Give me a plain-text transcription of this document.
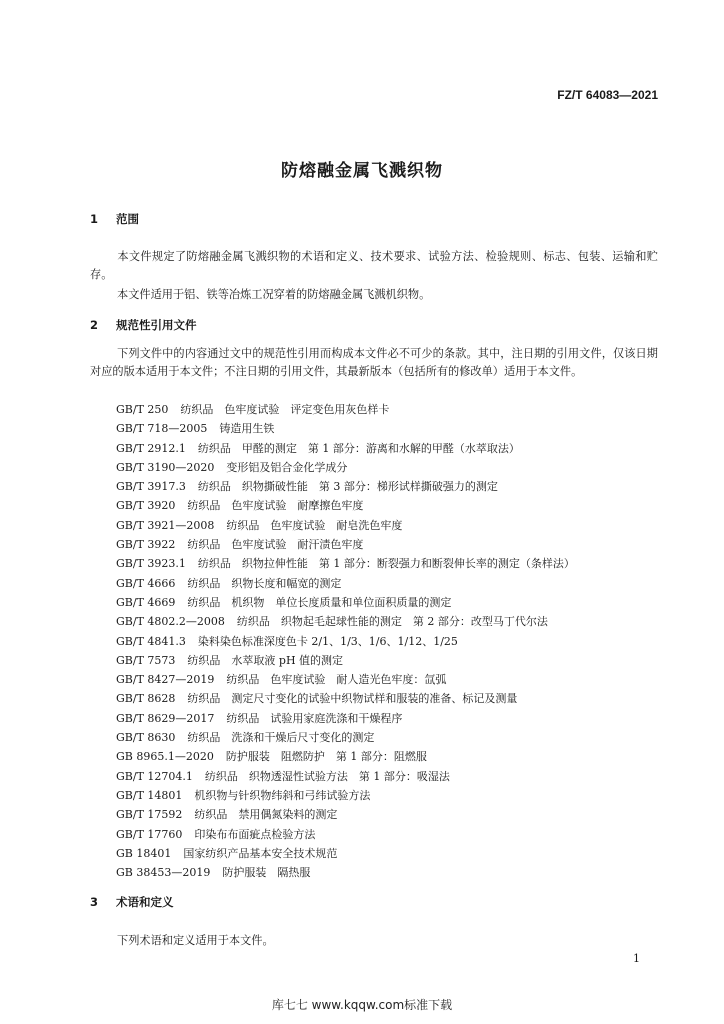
FZ/T 64083—2021
防熔融金属飞溅织物
1 范围
本文件规定了防熔融金属飞溅织物的术语和定义、技术要求、试验方法、检验规则、标志、包装、运输和贮存。
本文件适用于铝、铁等冶炼工况穿着的防熔融金属飞溅机织物。
2 规范性引用文件
下列文件中的内容通过文中的规范性引用而构成本文件必不可少的条款。其中，注日期的引用文件，仅该日期对应的版本适用于本文件；不注日期的引用文件，其最新版本（包括所有的修改单）适用于本文件。
GB/T 250 纺织品　色牢度试验　评定变色用灰色样卡
GB/T 718—2005 铸造用生铁
GB/T 2912.1 纺织品　甲醛的测定　第 1 部分：游离和水解的甲醛（水萃取法）
GB/T 3190—2020 变形铝及铝合金化学成分
GB/T 3917.3 纺织品　织物撕破性能　第 3 部分：梯形试样撕破强力的测定
GB/T 3920 纺织品　色牢度试验　耐摩擦色牢度
GB/T 3921—2008 纺织品　色牢度试验　耐皂洗色牢度
GB/T 3922 纺织品　色牢度试验　耐汗渍色牢度
GB/T 3923.1 纺织品　织物拉伸性能　第 1 部分：断裂强力和断裂伸长率的测定（条样法）
GB/T 4666 纺织品　织物长度和幅宽的测定
GB/T 4669 纺织品　机织物　单位长度质量和单位面积质量的测定
GB/T 4802.2—2008 纺织品　织物起毛起球性能的测定　第 2 部分：改型马丁代尔法
GB/T 4841.3 染料染色标准深度色卡 2/1、1/3、1/6、1/12、1/25
GB/T 7573 纺织品　水萃取液 pH 值的测定
GB/T 8427—2019 纺织品　色牢度试验　耐人造光色牢度：氙弧
GB/T 8628 纺织品　测定尺寸变化的试验中织物试样和服装的准备、标记及测量
GB/T 8629—2017 纺织品　试验用家庭洗涤和干燥程序
GB/T 8630 纺织品　洗涤和干燥后尺寸变化的测定
GB 8965.1—2020 防护服装　阻燃防护　第 1 部分：阻燃服
GB/T 12704.1 纺织品　织物透湿性试验方法　第 1 部分：吸湿法
GB/T 14801 机织物与针织物纬斜和弓纬试验方法
GB/T 17592 纺织品　禁用偶氮染料的测定
GB/T 17760 印染布布面疵点检验方法
GB 18401 国家纺织产品基本安全技术规范
GB 38453—2019 防护服装　隔热服
3 术语和定义
下列术语和定义适用于本文件。
1
库七七 www.kqqw.com标准下载
